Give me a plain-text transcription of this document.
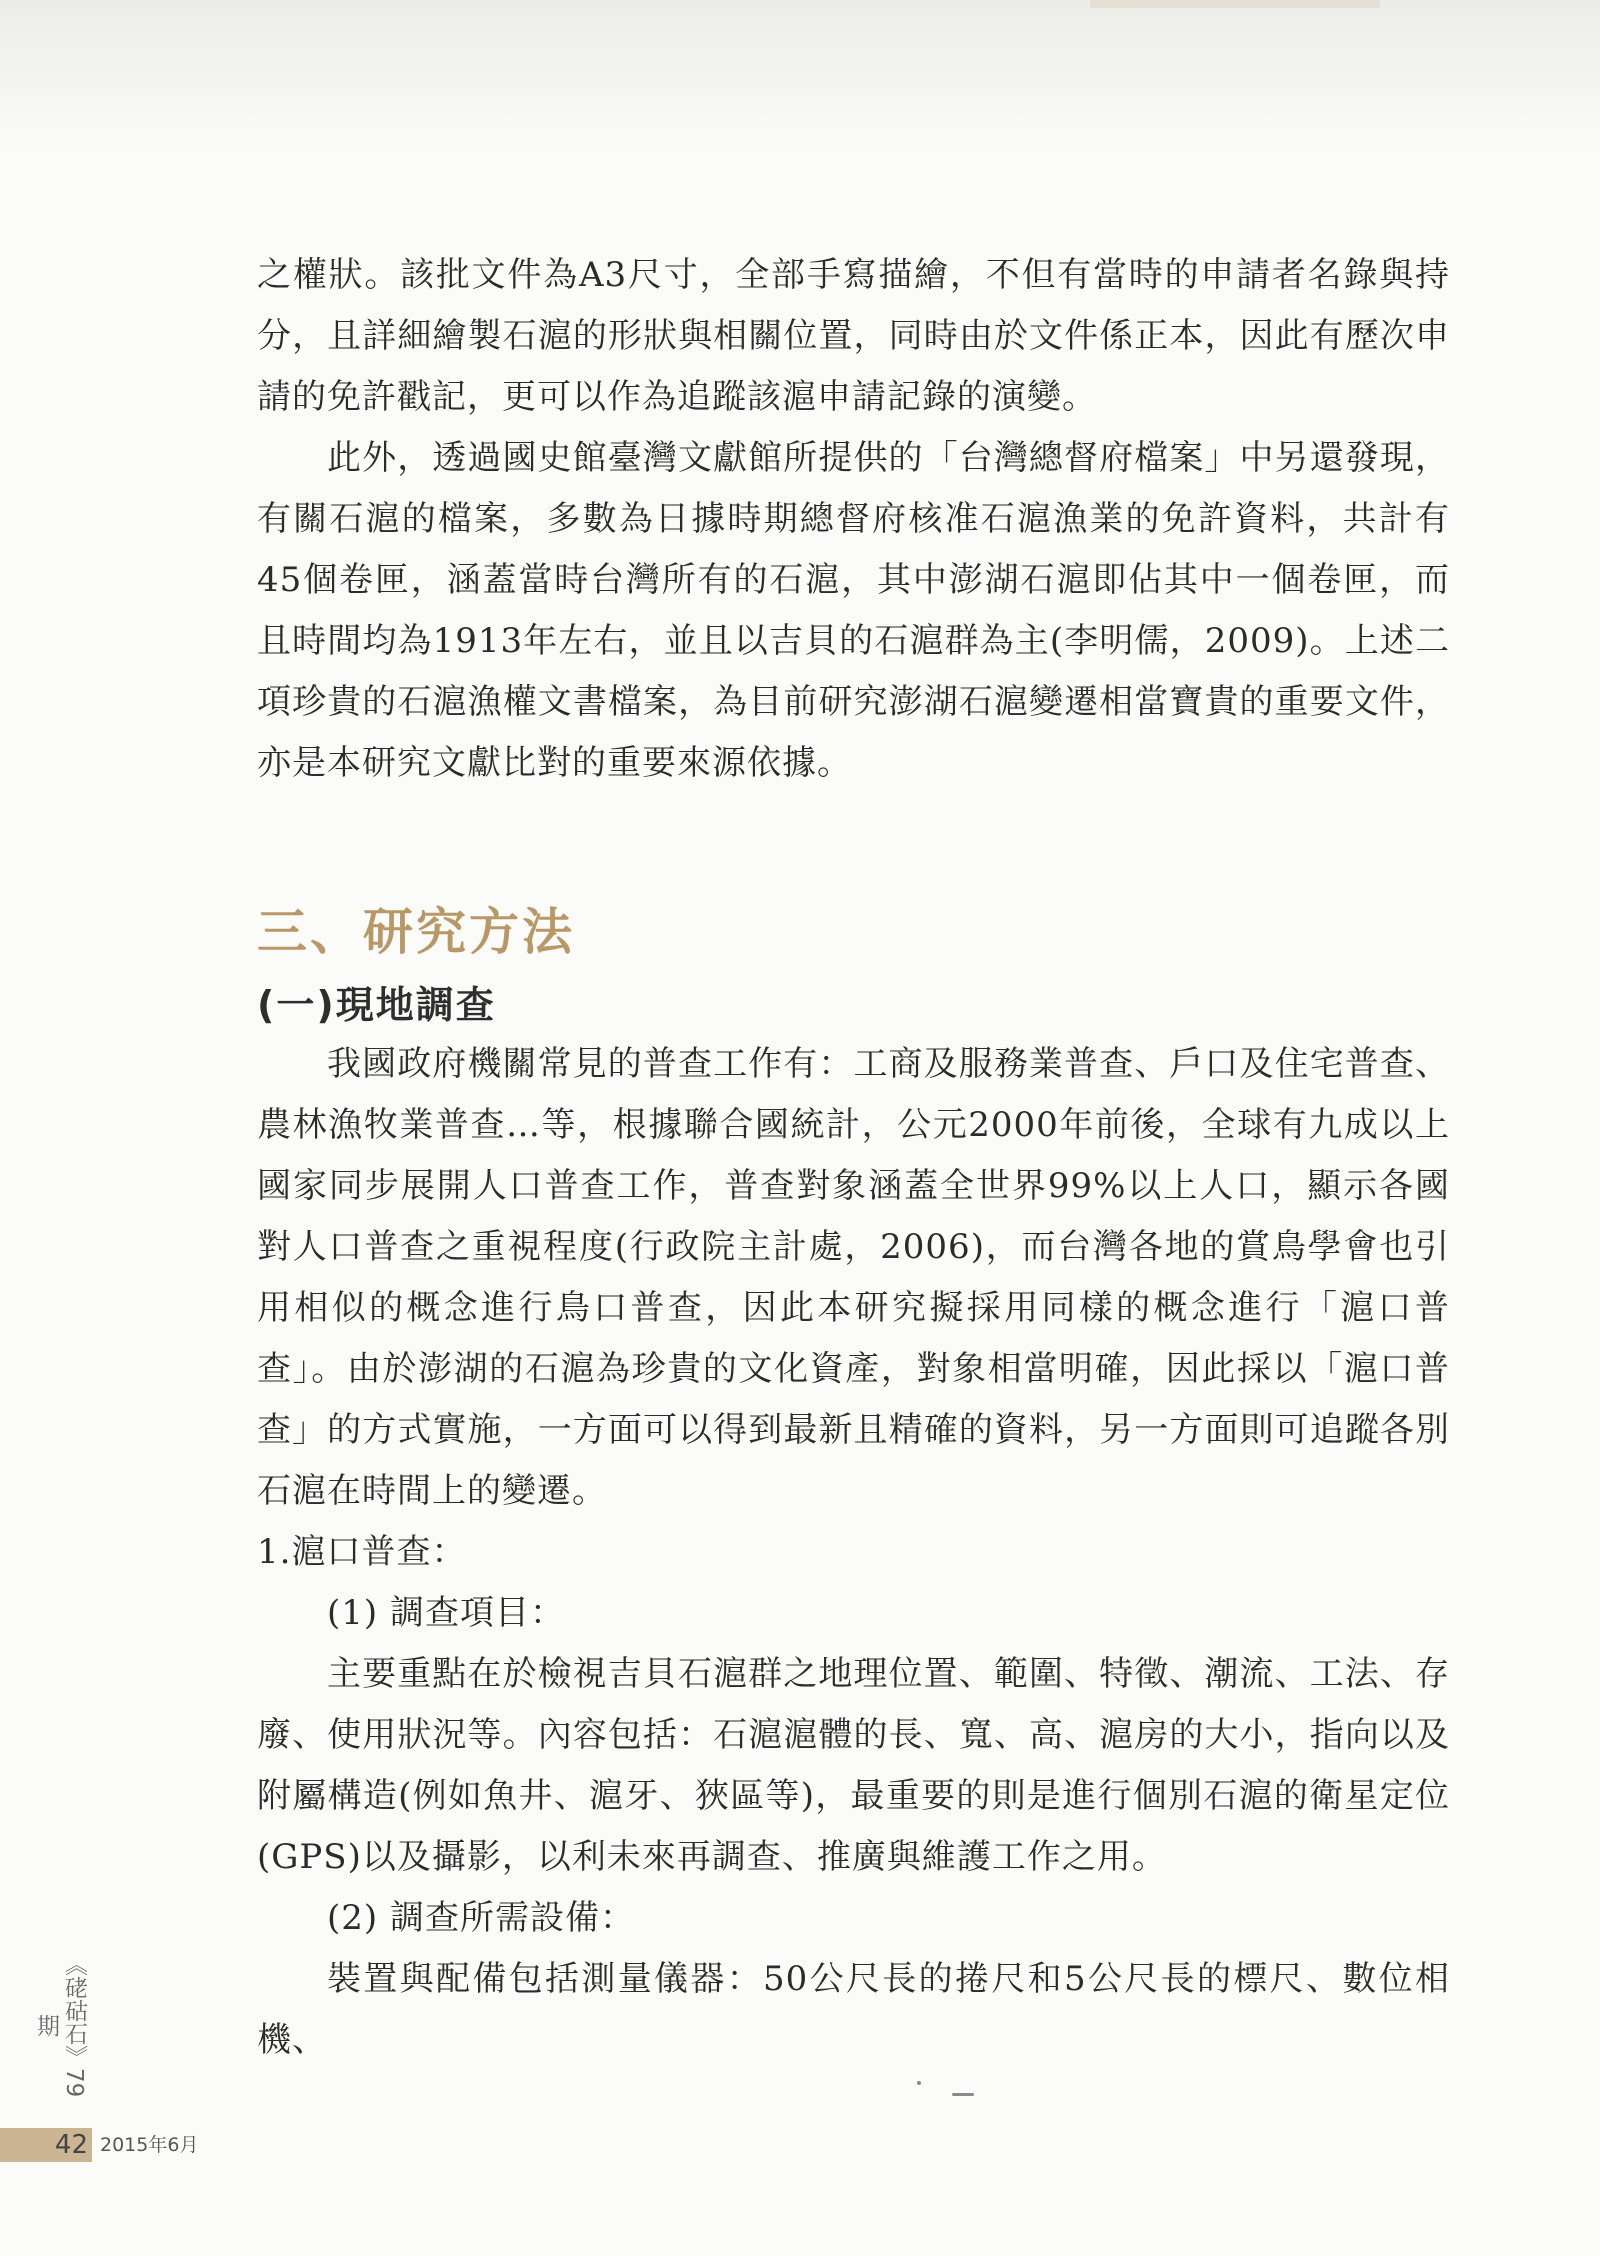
之權狀。該批文件為A3尺寸，全部手寫描繪，不但有當時的申請者名錄與持分，且詳細繪製石滬的形狀與相關位置，同時由於文件係正本，因此有歷次申請的免許戳記，更可以作為追蹤該滬申請記錄的演變。

此外，透過國史館臺灣文獻館所提供的「台灣總督府檔案」中另還發現，有關石滬的檔案，多數為日據時期總督府核准石滬漁業的免許資料，共計有45個卷匣，涵蓋當時台灣所有的石滬，其中澎湖石滬即佔其中一個卷匣，而且時間均為1913年左右，並且以吉貝的石滬群為主(李明儒，2009)。上述二項珍貴的石滬漁權文書檔案，為目前研究澎湖石滬變遷相當寶貴的重要文件，亦是本研究文獻比對的重要來源依據。

三、研究方法
(一)現地調查

我國政府機關常見的普查工作有：工商及服務業普查、戶口及住宅普查、農林漁牧業普查…等，根據聯合國統計，公元2000年前後，全球有九成以上國家同步展開人口普查工作，普查對象涵蓋全世界99%以上人口，顯示各國對人口普查之重視程度(行政院主計處，2006)，而台灣各地的賞鳥學會也引用相似的概念進行鳥口普查，因此本研究擬採用同樣的概念進行「滬口普查」。由於澎湖的石滬為珍貴的文化資產，對象相當明確，因此採以「滬口普查」的方式實施，一方面可以得到最新且精確的資料，另一方面則可追蹤各別石滬在時間上的變遷。

1.滬口普查：

(1) 調查項目：

主要重點在於檢視吉貝石滬群之地理位置、範圍、特徵、潮流、工法、存廢、使用狀況等。內容包括：石滬滬體的長、寬、高、滬房的大小，指向以及附屬構造(例如魚井、滬牙、狹區等)，最重要的則是進行個別石滬的衛星定位(GPS)以及攝影，以利未來再調查、推廣與維護工作之用。

(2) 調查所需設備：

裝置與配備包括測量儀器：50公尺長的捲尺和5公尺長的標尺、數位相機、

《硓𥑮石》79期
42 2015年6月
